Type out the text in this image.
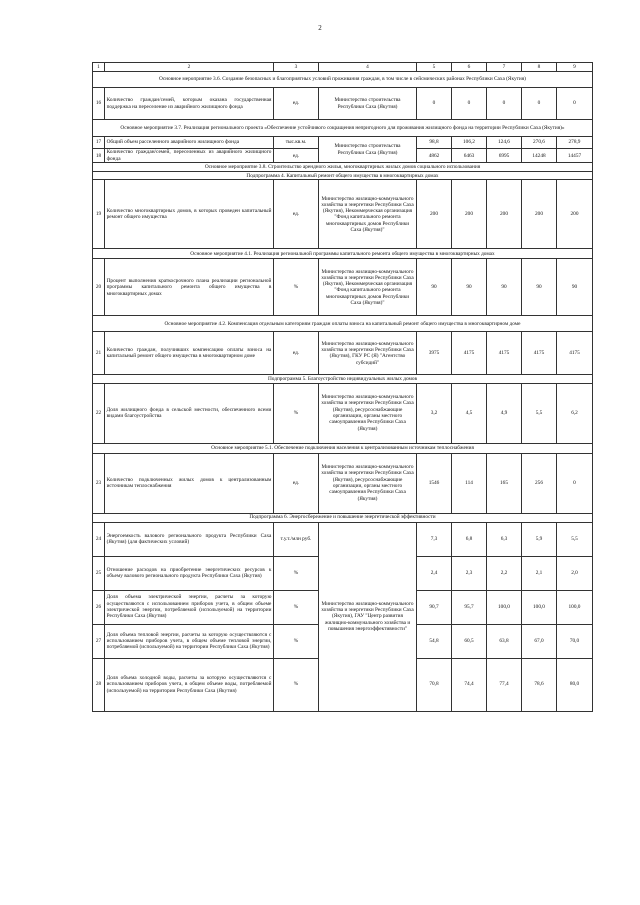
2
1	2	3	4	5	6	7	8	9
Основное мероприятие 3.6. Создание безопасных и благоприятных условий проживания граждан, в том числе в сейсмических районах Республики Саха (Якутия)								
16	Количество граждан/семей, которым оказана государственная поддержка на переселение из аварийного жилищного фонда	ед.	Министерство строительства Республики Саха (Якутия)	0	0	0	0	0
Основное мероприятие 3.7. Реализация регионального проекта «Обеспечение устойчивого сокращения непригодного для проживания жилищного фонда на территории Республики Саха (Якутия)»								
17	Общий объем расселенного аварийного жилищного фонда	тыс.кв.м.	Министерство строительства Республики Саха (Якутия)	98,8	106,2	124,6	270,6	278,9
18	Количество граждан/семей, переселенных из аварийного жилищного фонда	ед.		4862	6463	6995	14248	14457
Основное мероприятие 3.8. Строительство арендного жилья, многоквартирных жилых домов социального использования								
Подпрограмма 4. Капитальный ремонт общего имущества в многоквартирных домах								
19	Количество многоквартирных домов, в которых проведен капитальный ремонт общего имущества	ед.	Министерство жилищно-коммунального хозяйства и энергетики Республики Саха (Якутия), Некоммерческая организация "Фонд капитального ремонта многоквартирных домов Республики Саха (Якутия)"	200	200	200	200	200
Основное мероприятие 4.1. Реализация региональной программы капитального ремонта общего имущества в многоквартирных домах								
20	Процент выполнения краткосрочного плана реализации региональной программы капитального ремонта общего имущества в многоквартирных домах	%	Министерство жилищно-коммунального хозяйства и энергетики Республики Саха (Якутия), Некоммерческая организация "Фонд капитального ремонта многоквартирных домов Республики Саха (Якутия)"	90	90	90	90	90
Основное мероприятие 4.2. Компенсация отдельным категориям граждан оплаты взноса на капитальный ремонт общего имущества в многоквартирном доме								
21	Количество граждан, получивших компенсацию оплаты взноса на капитальный ремонт общего имущества в многоквартирном доме	ед.	Министерство жилищно-коммунального хозяйства и энергетики Республики Саха (Якутия), ГКУ РС (Я) "Агентство субсидий"	3975	4175	4175	4175	4175
Подпрограмма 5. Благоустройство индивидуальных жилых домов								
22	Доля жилищного фонда в сельской местности, обеспеченного всеми видами благоустройства	%	Министерство жилищно-коммунального хозяйства и энергетики Республики Саха (Якутия), ресурсоснабжающие организации, органы местного самоуправления Республики Саха (Якутия)	3,2	4,5	4,9	5,5	6,2
Основное мероприятие 5.1. Обеспечение подключения населения к централизованным источникам теплоснабжения								
23	Количество подключенных жилых домов к централизованным источникам теплоснабжения	ед.	Министерство жилищно-коммунального хозяйства и энергетики Республики Саха (Якутия), ресурсоснабжающие организации, органы местного самоуправления Республики Саха (Якутия)	1546	114	165	256	0
Подпрограмма 6. Энергосбережение и повышение энергетической эффективности								
24	Энергоемкость валового регионального продукта Республики Саха (Якутия) (для фактических условий)	т.у.т./млн руб.	Министерство жилищно-коммунального хозяйства и энергетики Республики Саха (Якутия), ГАУ "Центр развития жилищно-коммунального хозяйства и повышения энергоэффективности"	7,3	6,8	6,3	5,9	5,5
25	Отношение расходов на приобретение энергетических ресурсов к объему валового регионального продукта Республики Саха (Якутия)	%		2,4	2,3	2,2	2,1	2,0
26	Доля объема электрической энергии, расчеты за которую осуществляются с использованием приборов учета, в общем объеме электрической энергии, потребляемой (используемой) на территории Республики Саха (Якутия)	%		90,7	95,7	100,0	100,0	100,0
27	Доля объема тепловой энергии, расчеты за которую осуществляются с использованием приборов учета, в общем объеме тепловой энергии, потребляемой (используемой) на территории Республики Саха (Якутия)	%		54,8	60,5	63,8	67,0	70,0
28	Доля объема холодной воды, расчеты за которую осуществляются с использованием приборов учета, в общем объеме воды, потребляемой (используемой) на территории Республики Саха (Якутия)	%		70,8	74,4	77,4	78,6	80,0
